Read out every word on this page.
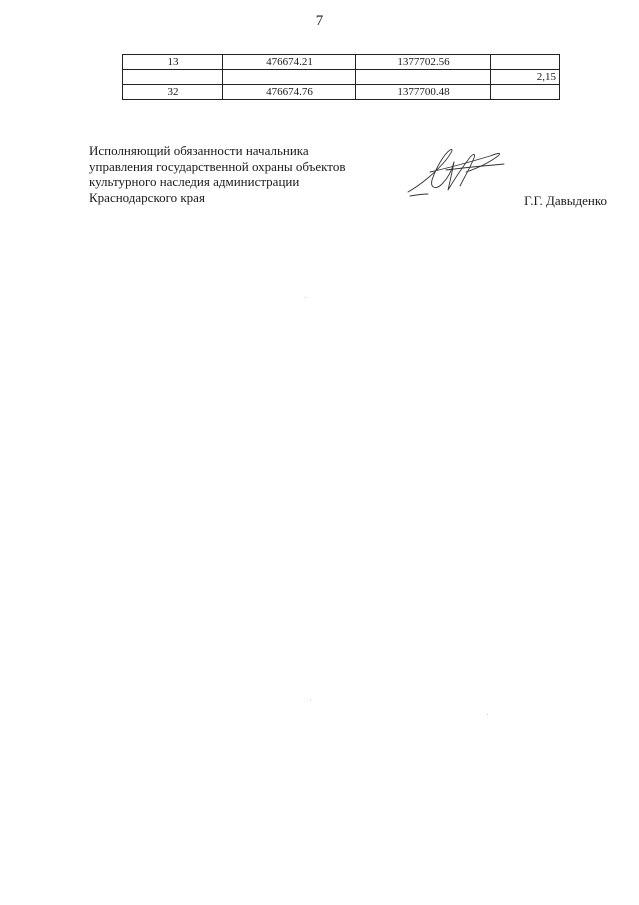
7
13	476674.21	1377702.56	
			2,15
32	476674.76	1377700.48	
Исполняющий обязанности начальника
управления государственной охраны объектов
культурного наследия администрации
Краснодарского края	Г.Г. Давыденко
